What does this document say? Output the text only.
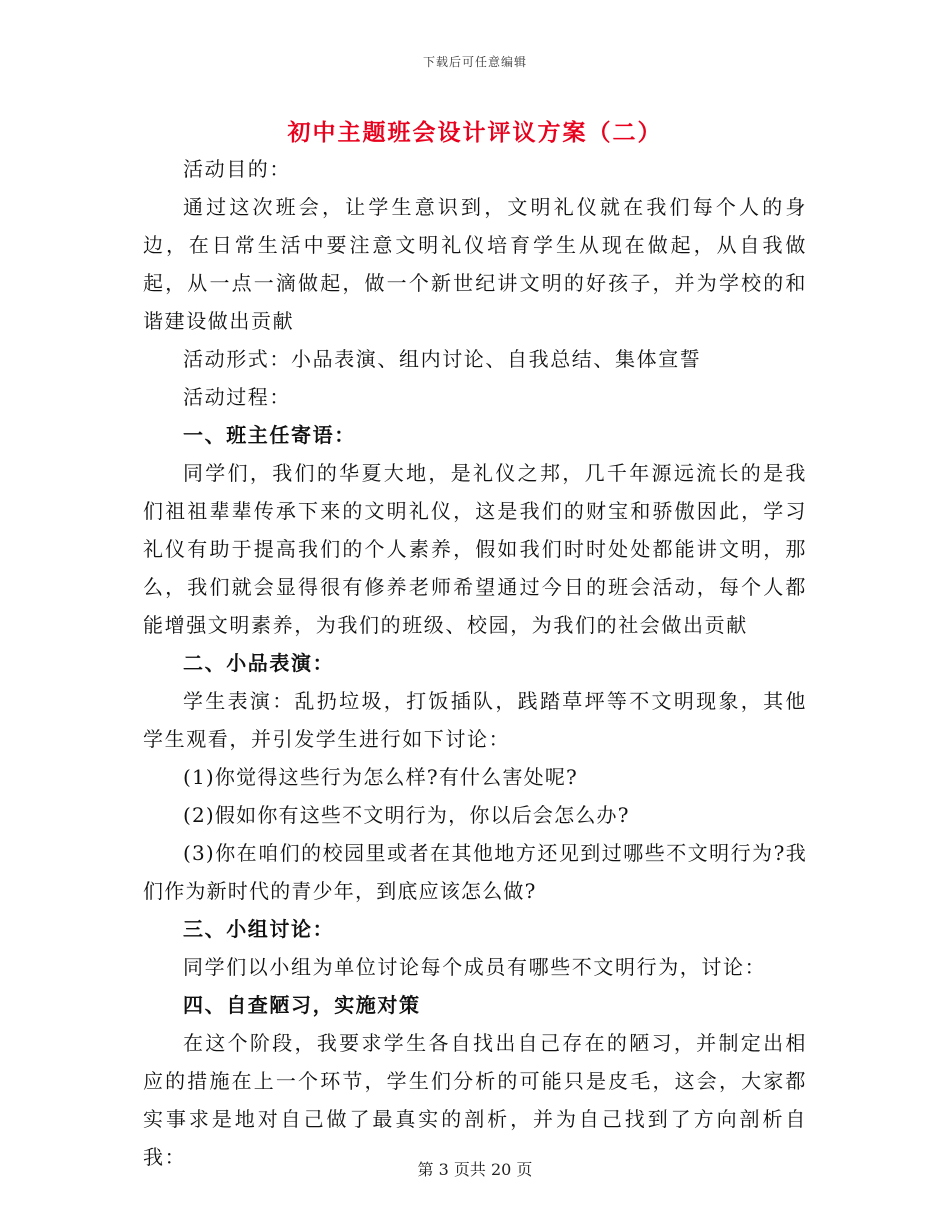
下载后可任意编辑
初中主题班会设计评议方案（二）

活动目的：

通过这次班会，让学生意识到，文明礼仪就在我们每个人的身边，在日常生活中要注意文明礼仪培育学生从现在做起，从自我做起，从一点一滴做起，做一个新世纪讲文明的好孩子，并为学校的和谐建设做出贡献

活动形式：小品表演、组内讨论、自我总结、集体宣誓

活动过程：

一、班主任寄语：

同学们，我们的华夏大地，是礼仪之邦，几千年源远流长的是我们祖祖辈辈传承下来的文明礼仪，这是我们的财宝和骄傲因此，学习礼仪有助于提高我们的个人素养，假如我们时时处处都能讲文明，那么，我们就会显得很有修养老师希望通过今日的班会活动，每个人都能增强文明素养，为我们的班级、校园，为我们的社会做出贡献

二、小品表演：

学生表演：乱扔垃圾，打饭插队，践踏草坪等不文明现象，其他学生观看，并引发学生进行如下讨论：

(1)你觉得这些行为怎么样?有什么害处呢?

(2)假如你有这些不文明行为，你以后会怎么办?

(3)你在咱们的校园里或者在其他地方还见到过哪些不文明行为?我们作为新时代的青少年，到底应该怎么做?

三、小组讨论：

同学们以小组为单位讨论每个成员有哪些不文明行为，讨论：

四、自查陋习，实施对策

在这个阶段，我要求学生各自找出自己存在的陋习，并制定出相应的措施在上一个环节，学生们分析的可能只是皮毛，这会，大家都实事求是地对自己做了最真实的剖析，并为自己找到了方向剖析自我：

第 3 页共 20 页
